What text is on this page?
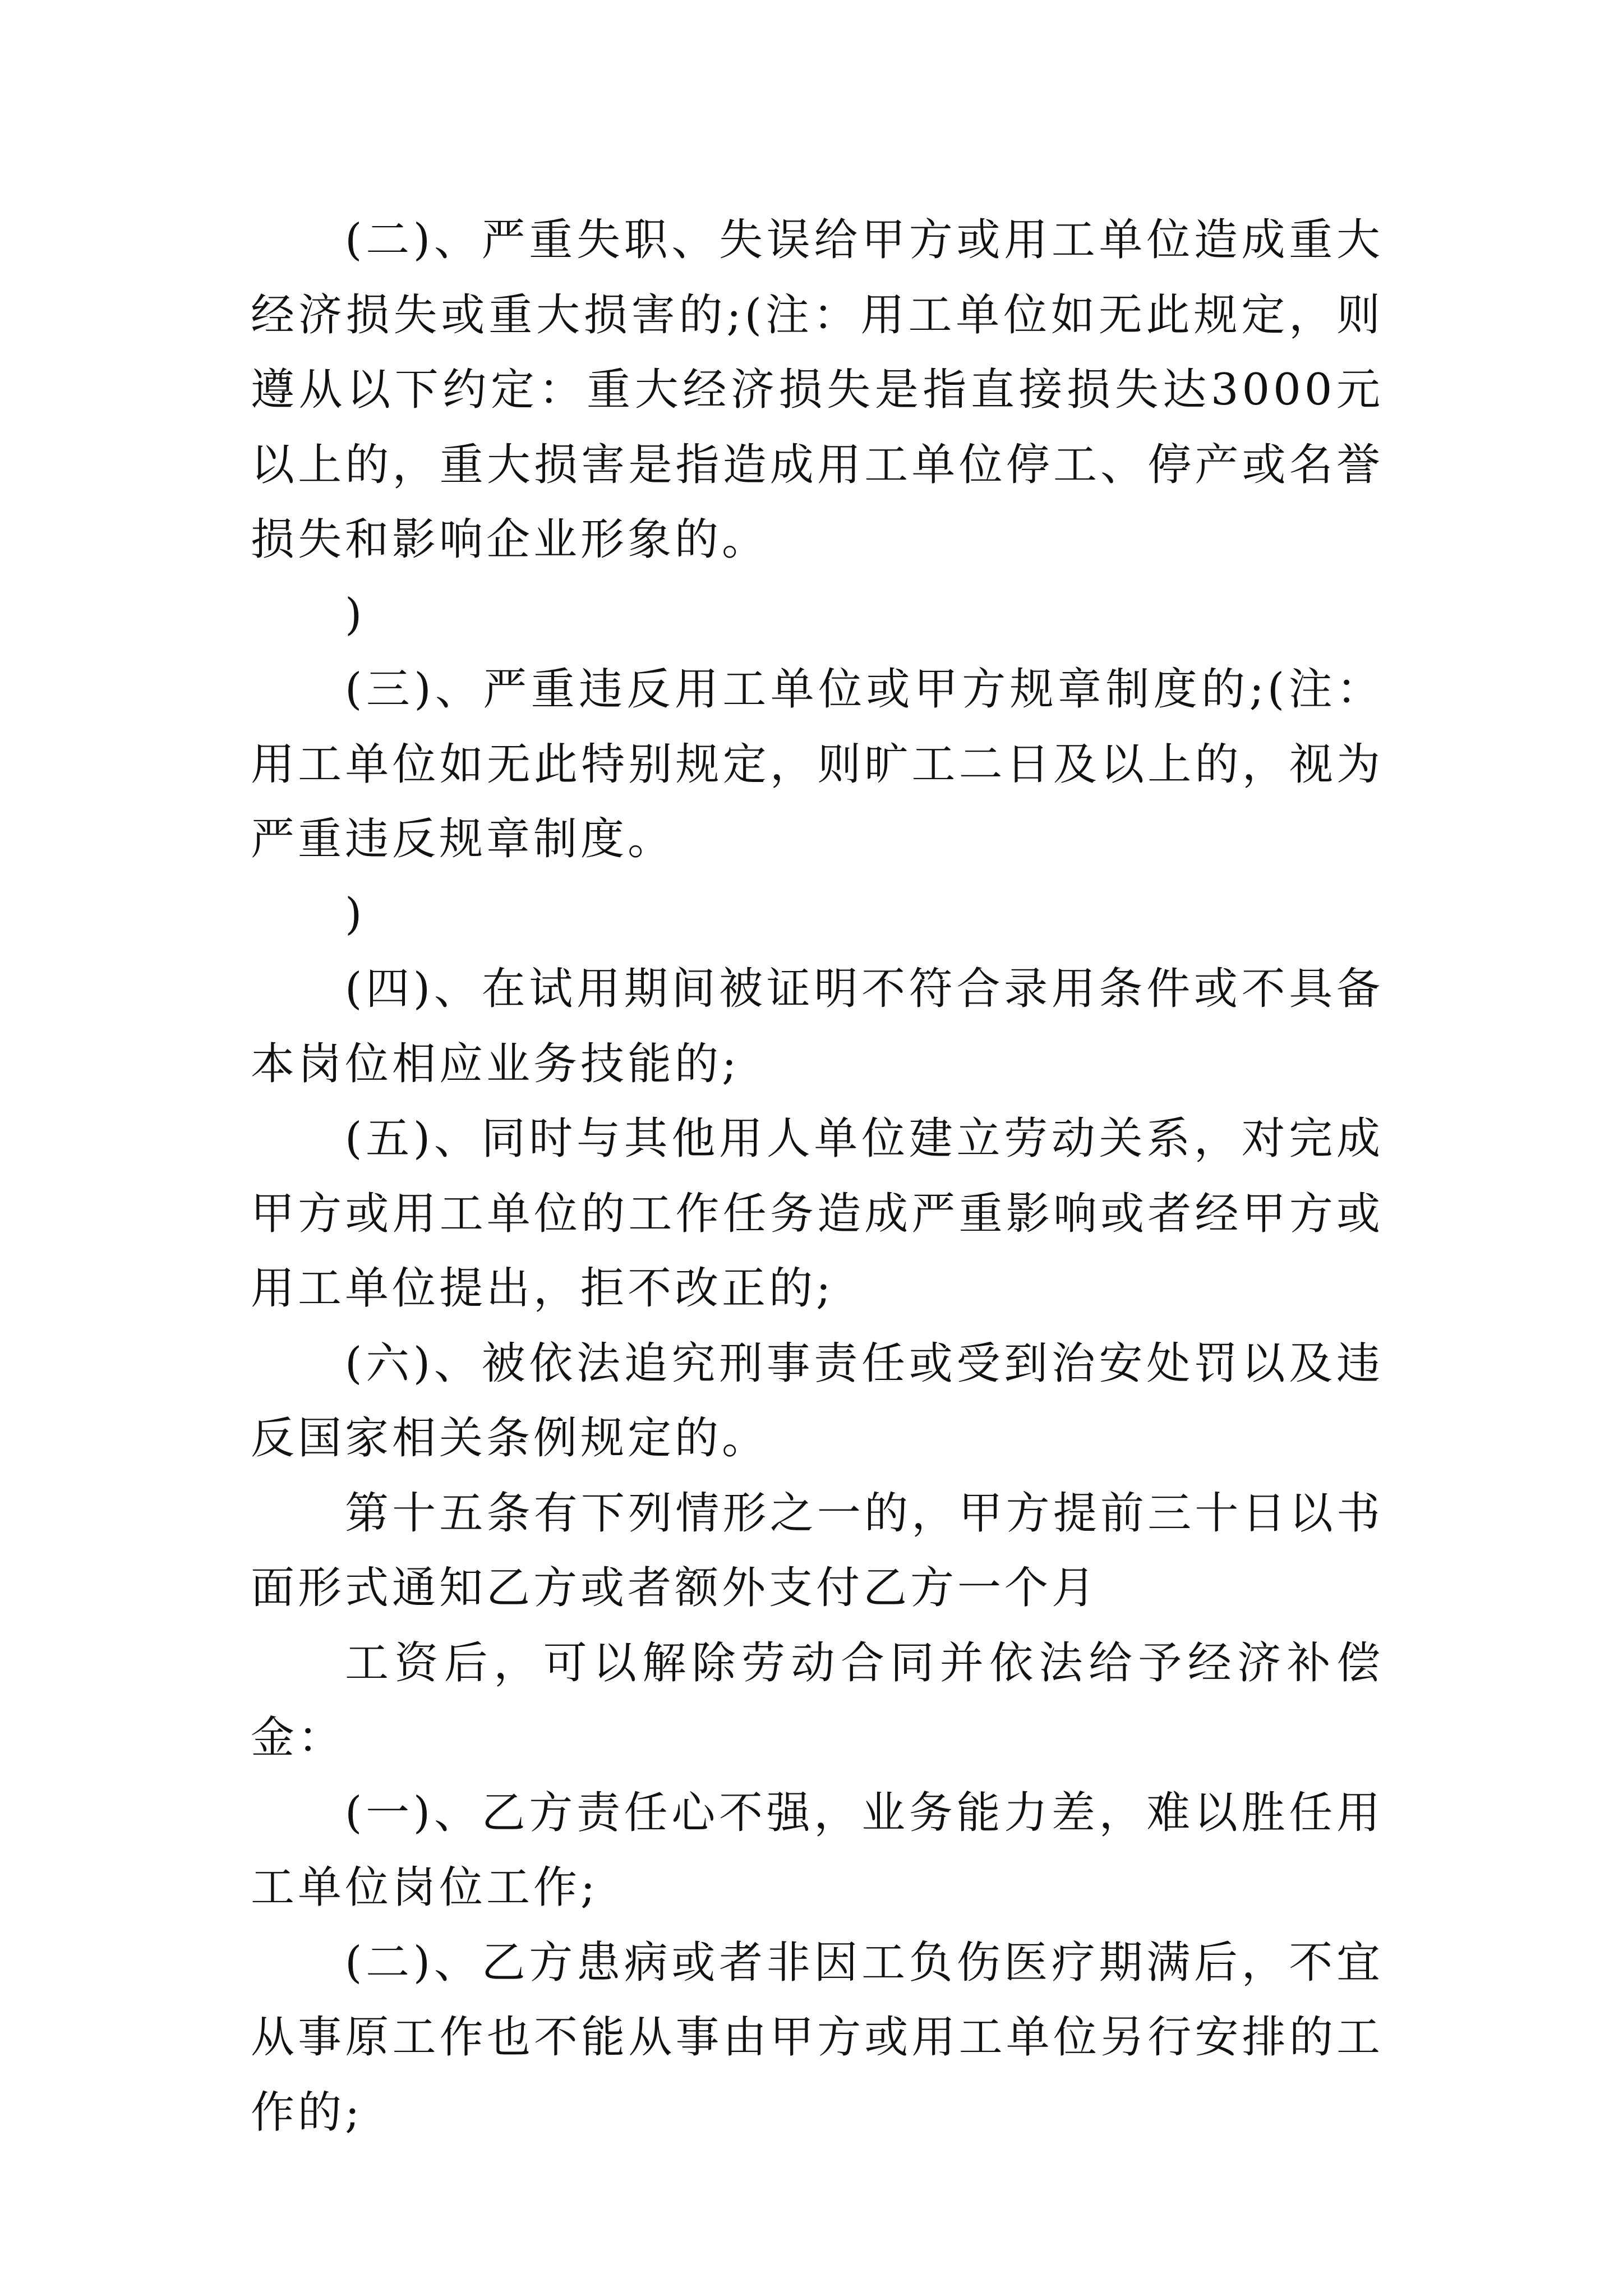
(二)、严重失职、失误给甲方或用工单位造成重大经济损失或重大损害的;(注：用工单位如无此规定，则遵从以下约定：重大经济损失是指直接损失达3000元以上的，重大损害是指造成用工单位停工、停产或名誉损失和影响企业形象的。

)

(三)、严重违反用工单位或甲方规章制度的;(注：用工单位如无此特别规定，则旷工二日及以上的，视为严重违反规章制度。

)

(四)、在试用期间被证明不符合录用条件或不具备本岗位相应业务技能的;

(五)、同时与其他用人单位建立劳动关系，对完成甲方或用工单位的工作任务造成严重影响或者经甲方或用工单位提出，拒不改正的;

(六)、被依法追究刑事责任或受到治安处罚以及违反国家相关条例规定的。

第十五条有下列情形之一的，甲方提前三十日以书面形式通知乙方或者额外支付乙方一个月

工资后，可以解除劳动合同并依法给予经济补偿金：

(一)、乙方责任心不强，业务能力差，难以胜任用工单位岗位工作;

(二)、乙方患病或者非因工负伤医疗期满后，不宜从事原工作也不能从事由甲方或用工单位另行安排的工作的;
